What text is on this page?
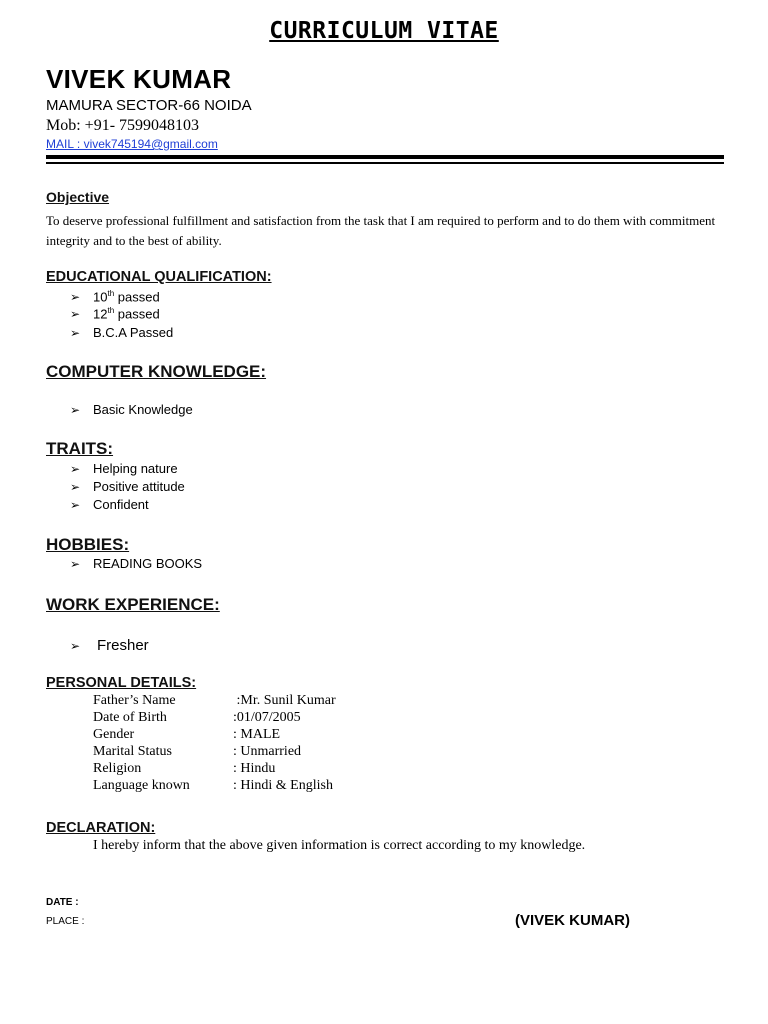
CURRICULUM VITAE
VIVEK KUMAR
MAMURA SECTOR-66 NOIDA
Mob: +91- 7599048103
MAIL : vivek745194@gmail.com
Objective
To deserve professional fulfillment and satisfaction from the task that I am required to perform and to do them with commitment integrity and to the best of ability.
EDUCATIONAL QUALIFICATION:
➢ 10th passed
➢ 12th passed
➢ B.C.A Passed
COMPUTER KNOWLEDGE:
➢ Basic Knowledge
TRAITS:
➢ Helping nature
➢ Positive attitude
➢ Confident
HOBBIES:
➢ READING BOOKS
WORK EXPERIENCE:
➢ Fresher
PERSONAL DETAILS:
Father’s Name	:Mr. Sunil Kumar
Date of Birth	:01/07/2005
Gender	: MALE
Marital Status	: Unmarried
Religion	: Hindu
Language known	: Hindi & English
DECLARATION:
I hereby inform that the above given information is correct according to my knowledge.
DATE :
PLACE :	(VIVEK KUMAR)
